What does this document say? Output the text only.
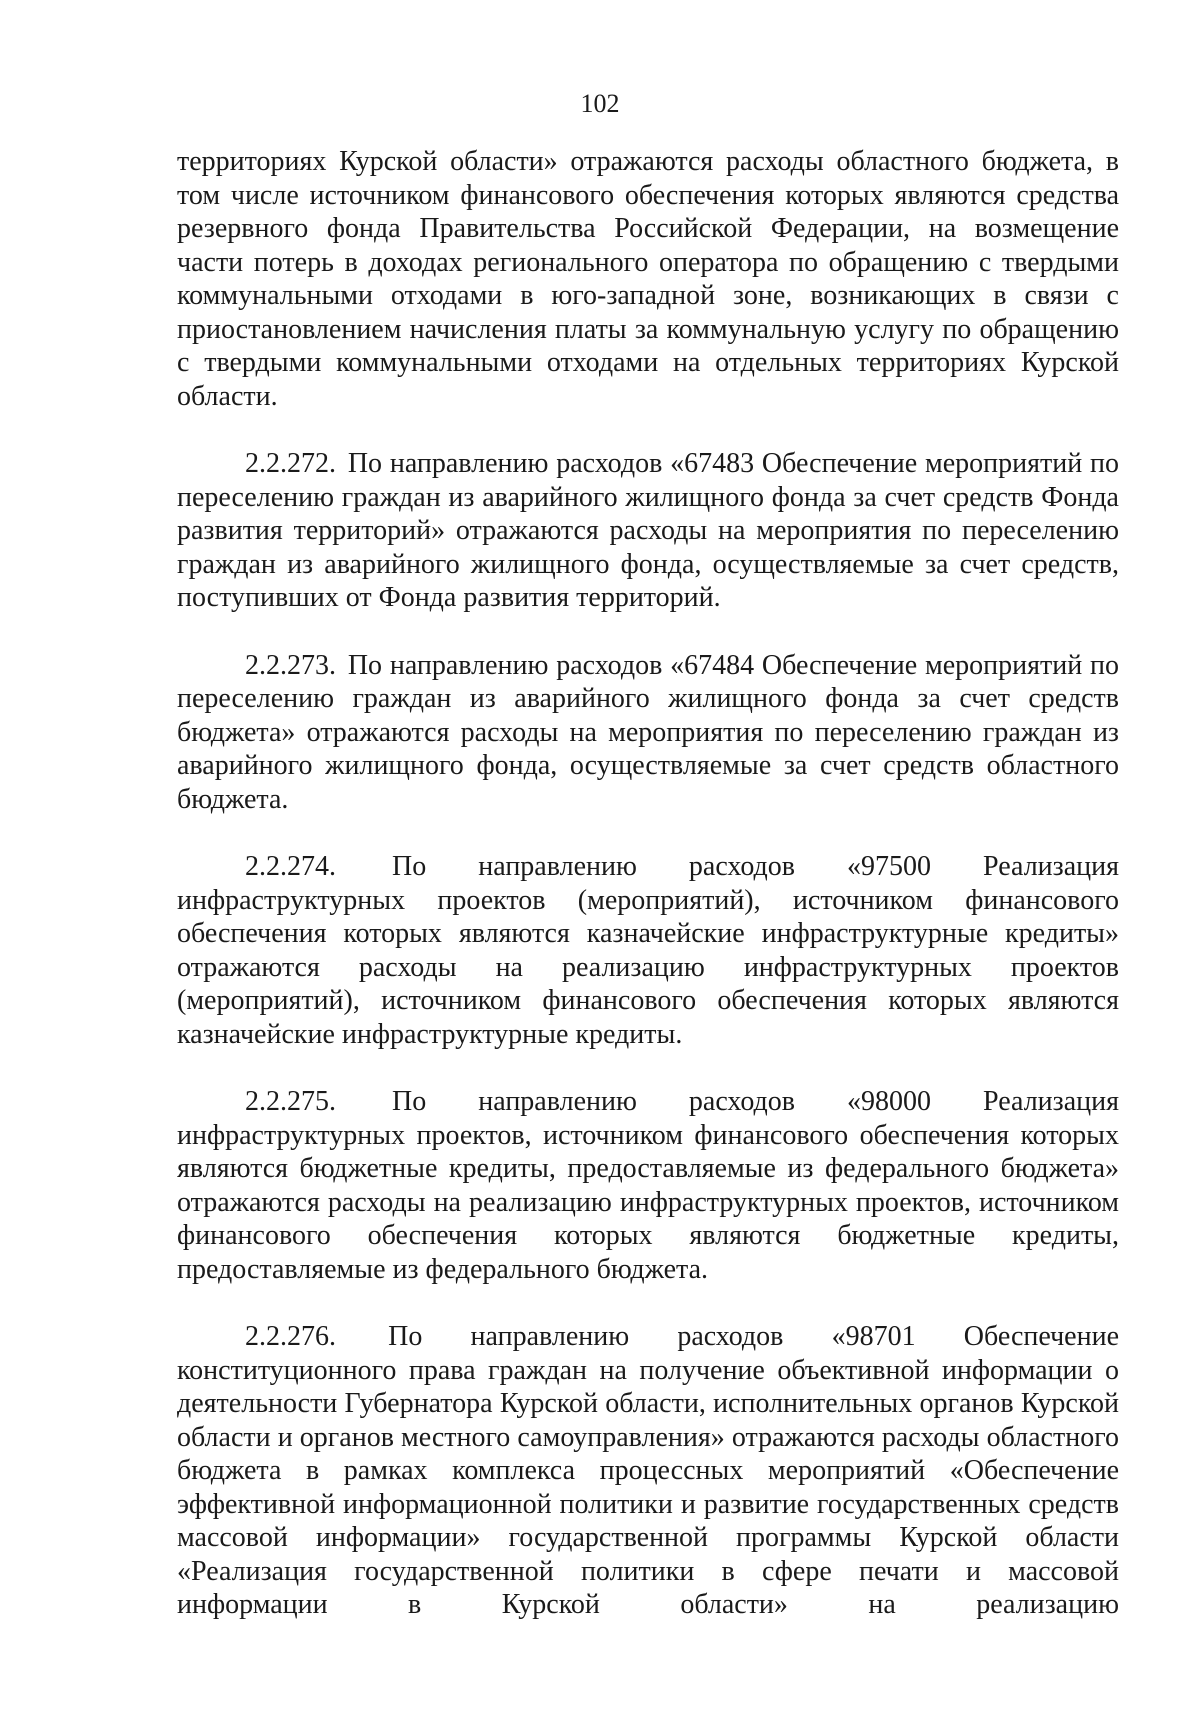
102

территориях Курской области» отражаются расходы областного бюджета, в том числе источником финансового обеспечения которых являются средства резервного фонда Правительства Российской Федерации, на возмещение части потерь в доходах регионального оператора по обращению с твердыми коммунальными отходами в юго-западной зоне, возникающих в связи с приостановлением начисления платы за коммунальную услугу по обращению с твердыми коммунальными отходами на отдельных территориях Курской области.

2.2.272. По направлению расходов «67483 Обеспечение мероприятий по переселению граждан из аварийного жилищного фонда за счет средств Фонда развития территорий» отражаются расходы на мероприятия по переселению граждан из аварийного жилищного фонда, осуществляемые за счет средств, поступивших от Фонда развития территорий.

2.2.273. По направлению расходов «67484 Обеспечение мероприятий по переселению граждан из аварийного жилищного фонда за счет средств бюджета» отражаются расходы на мероприятия по переселению граждан из аварийного жилищного фонда, осуществляемые за счет средств областного бюджета.

2.2.274. По направлению расходов «97500 Реализация инфраструктурных проектов (мероприятий), источником финансового обеспечения которых являются казначейские инфраструктурные кредиты» отражаются расходы на реализацию инфраструктурных проектов (мероприятий), источником финансового обеспечения которых являются казначейские инфраструктурные кредиты.

2.2.275. По направлению расходов «98000 Реализация инфраструктурных проектов, источником финансового обеспечения которых являются бюджетные кредиты, предоставляемые из федерального бюджета» отражаются расходы на реализацию инфраструктурных проектов, источником финансового обеспечения которых являются бюджетные кредиты, предоставляемые из федерального бюджета.

2.2.276. По направлению расходов «98701 Обеспечение конституционного права граждан на получение объективной информации о деятельности Губернатора Курской области, исполнительных органов Курской области и органов местного самоуправления» отражаются расходы областного бюджета в рамках комплекса процессных мероприятий «Обеспечение эффективной информационной политики и развитие государственных средств массовой информации» государственной программы Курской области «Реализация государственной политики в сфере печати и массовой информации в Курской области» на реализацию
